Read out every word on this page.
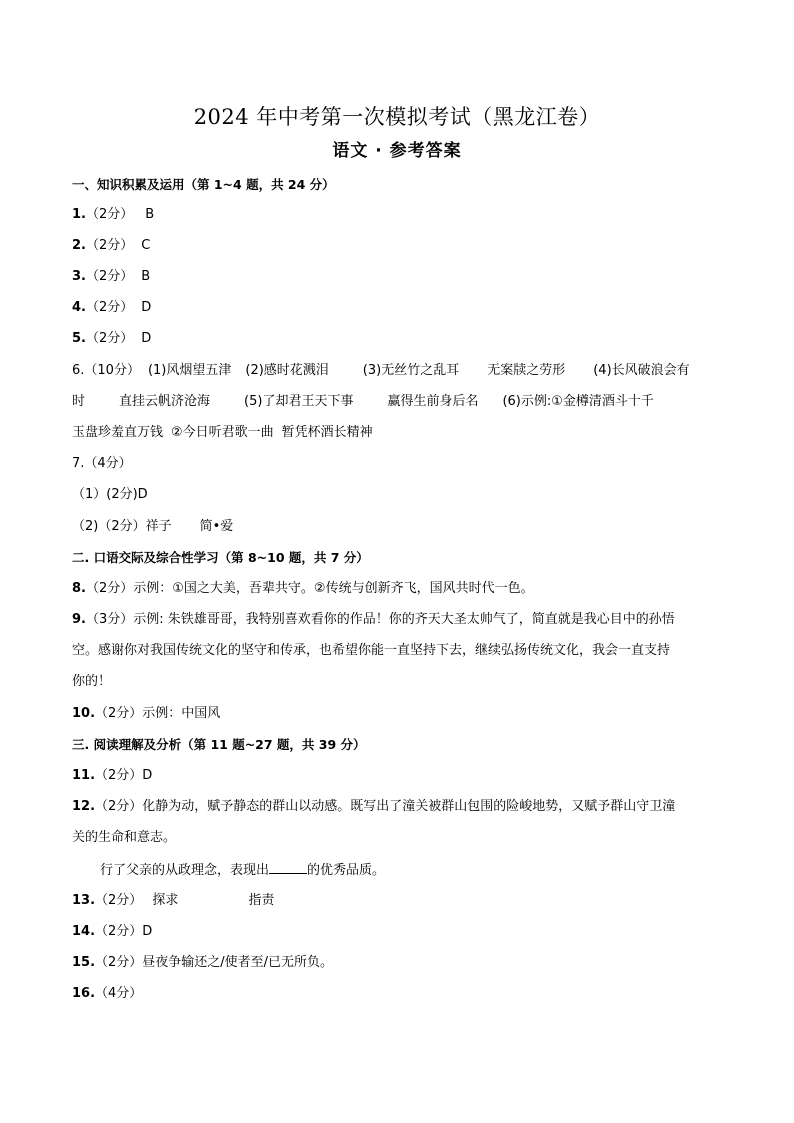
2024 年中考第一次模拟考试（黑龙江卷）
语文 · 参考答案
一、知识积累及运用（第 1~4 题，共 24 分）
1.（2分） B
2.（2分） C
3.（2分） B
4.（2分） D
5.（2分） D
6.（10分） (1)风烟望五津 (2)感时花溅泪	(3)无丝竹之乱耳 无案牍之劳形 (4)长风破浪会有
时	直挂云帆济沧海	(5)了却君王天下事	赢得生前身后名 (6)示例:①金樽清酒斗十千
玉盘珍羞直万钱 ②今日听君歌一曲 暂凭杯酒长精神
7.（4分）
（1）(2分)D
（2)（2分）祥子 简•爱
二. 口语交际及综合性学习（第 8~10 题，共 7 分）
8.（2分）示例：①国之大美，吾辈共守。②传统与创新齐飞，国风共时代一色。
9.（3分）示例: 朱铁雄哥哥，我特别喜欢看你的作品！你的齐天大圣太帅气了，简直就是我心目中的孙悟
空。感谢你对我国传统文化的坚守和传承，也希望你能一直坚持下去，继续弘扬传统文化，我会一直支持
你的！
10.（2分）示例：中国风
三. 阅读理解及分析（第 11 题~27 题，共 39 分）
11.（2分）D
12.（2分）化静为动，赋予静态的群山以动感。既写出了潼关被群山包围的险峻地势，又赋予群山守卫潼
关的生命和意志。
行了父亲的从政理念，表现出	的优秀品质。
13.（2分） 探求	指责
14.（2分）D
15.（2分）昼夜争输还之/使者至/已无所负。
16.（4分）
